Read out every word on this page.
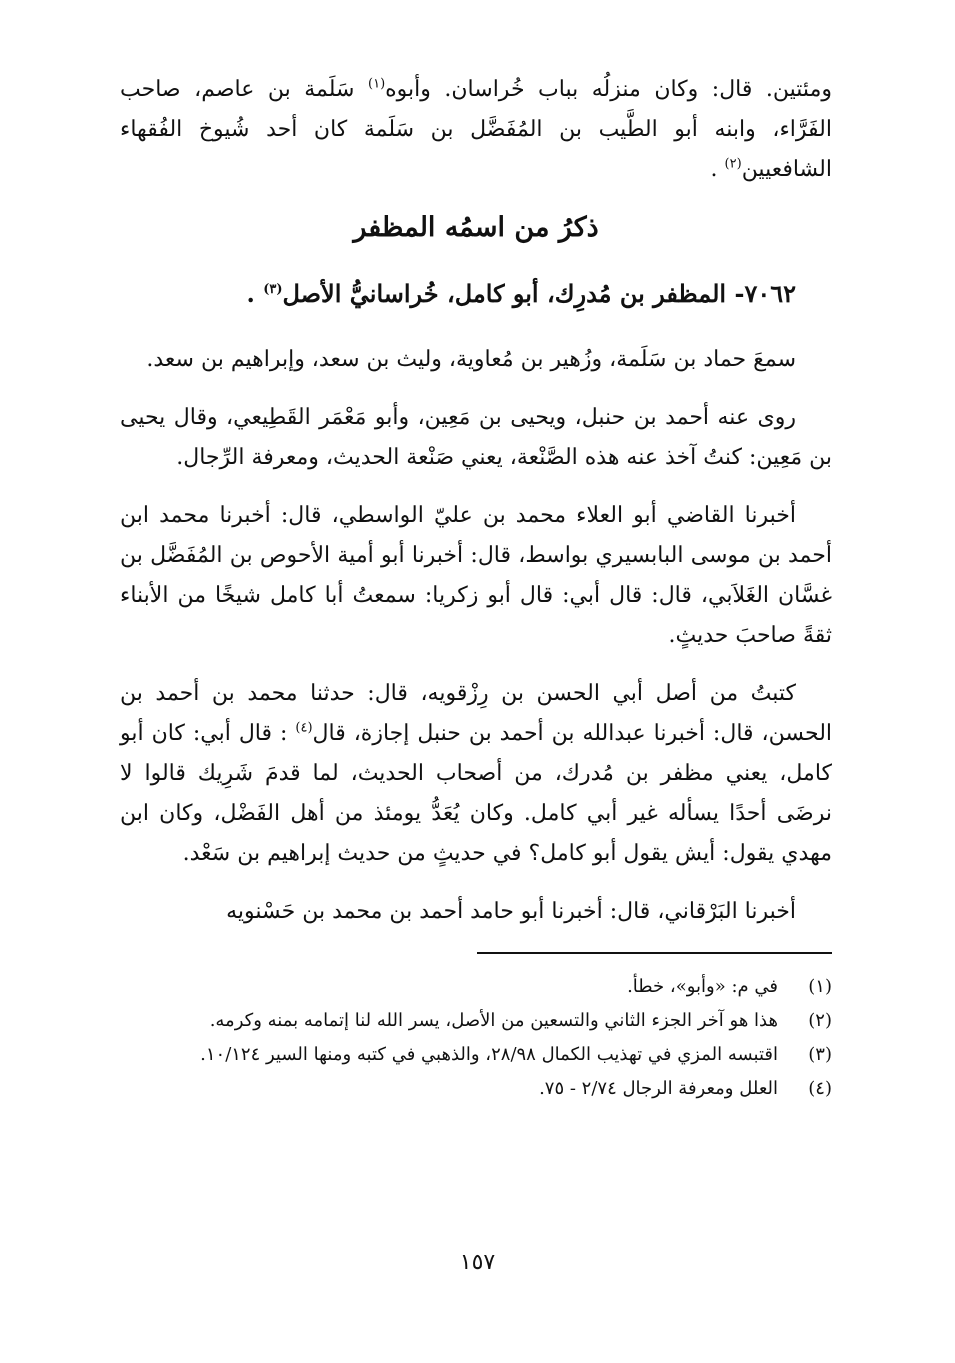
ومئتين. قال: وكان منزلُه بباب خُراسان. وأبوه$^{(١)}$ سَلَمة بن عاصم، صاحب الفَرَّاء، وابنه أبو الطَّيب بن المُفَضَّل بن سَلَمة كان أحد شُيوخ الفُقهاء الشافعيين$^{(٢)}$ .

ذكرُ من اسمُه المظفر
٧٠٦٢- المظفر بن مُدرِك، أبو كامل، خُراسانيُّ الأصل$^{(٣)}$ .

سمعَ حماد بن سَلَمة، وزُهير بن مُعاوية، وليث بن سعد، وإبراهيم بن سعد.

روى عنه أحمد بن حنبل، ويحيى بن مَعِين، وأبو مَعْمَر القَطِيعي، وقال يحيى بن مَعِين: كنتُ آخذ عنه هذه الصَّنْعة، يعني صَنْعة الحديث، ومعرفة الرِّجال.

أخبرنا القاضي أبو العلاء محمد بن عليّ الواسطي، قال: أخبرنا محمد ابن أحمد بن موسى البابسيري بواسط، قال: أخبرنا أبو أمية الأحوص بن المُفَضَّل بن غسَّان الغَلاَبي، قال: قال أبي: قال أبو زكريا: سمعتُ أبا كامل شيخًا من الأبناء ثقةً صاحبَ حديثٍ.

كتبتُ من أصل أبي الحسن بن رِزْقويه، قال: حدثنا محمد بن أحمد بن الحسن، قال: أخبرنا عبدالله بن أحمد بن حنبل إجازة، قال$^{(٤)}$ : قال أبي: كان أبو كامل، يعني مظفر بن مُدرك، من أصحاب الحديث، لما قدمَ شَرِيك قالوا لا نرضَى أحدًا يسأله غير أبي كامل. وكان يُعَدُّ يومئذ من أهل الفَضْل، وكان ابن مهدي يقول: أيش يقول أبو كامل؟ في حديثٍ من حديث إبراهيم بن سَعْد.

أخبرنا البَرْقاني، قال: أخبرنا أبو حامد أحمد بن محمد بن حَسْنويه

(١)
في م: «وأبو»، خطأ.
(٢)
هذا هو آخر الجزء الثاني والتسعين من الأصل، يسر الله لنا إتمامه بمنه وكرمه.
(٣)
اقتبسه المزي في تهذيب الكمال ٢٨/٩٨، والذهبي في كتبه ومنها السير ١٠/١٢٤.
(٤)
العلل ومعرفة الرجال ٢/٧٤ - ٧٥.
١٥٧
